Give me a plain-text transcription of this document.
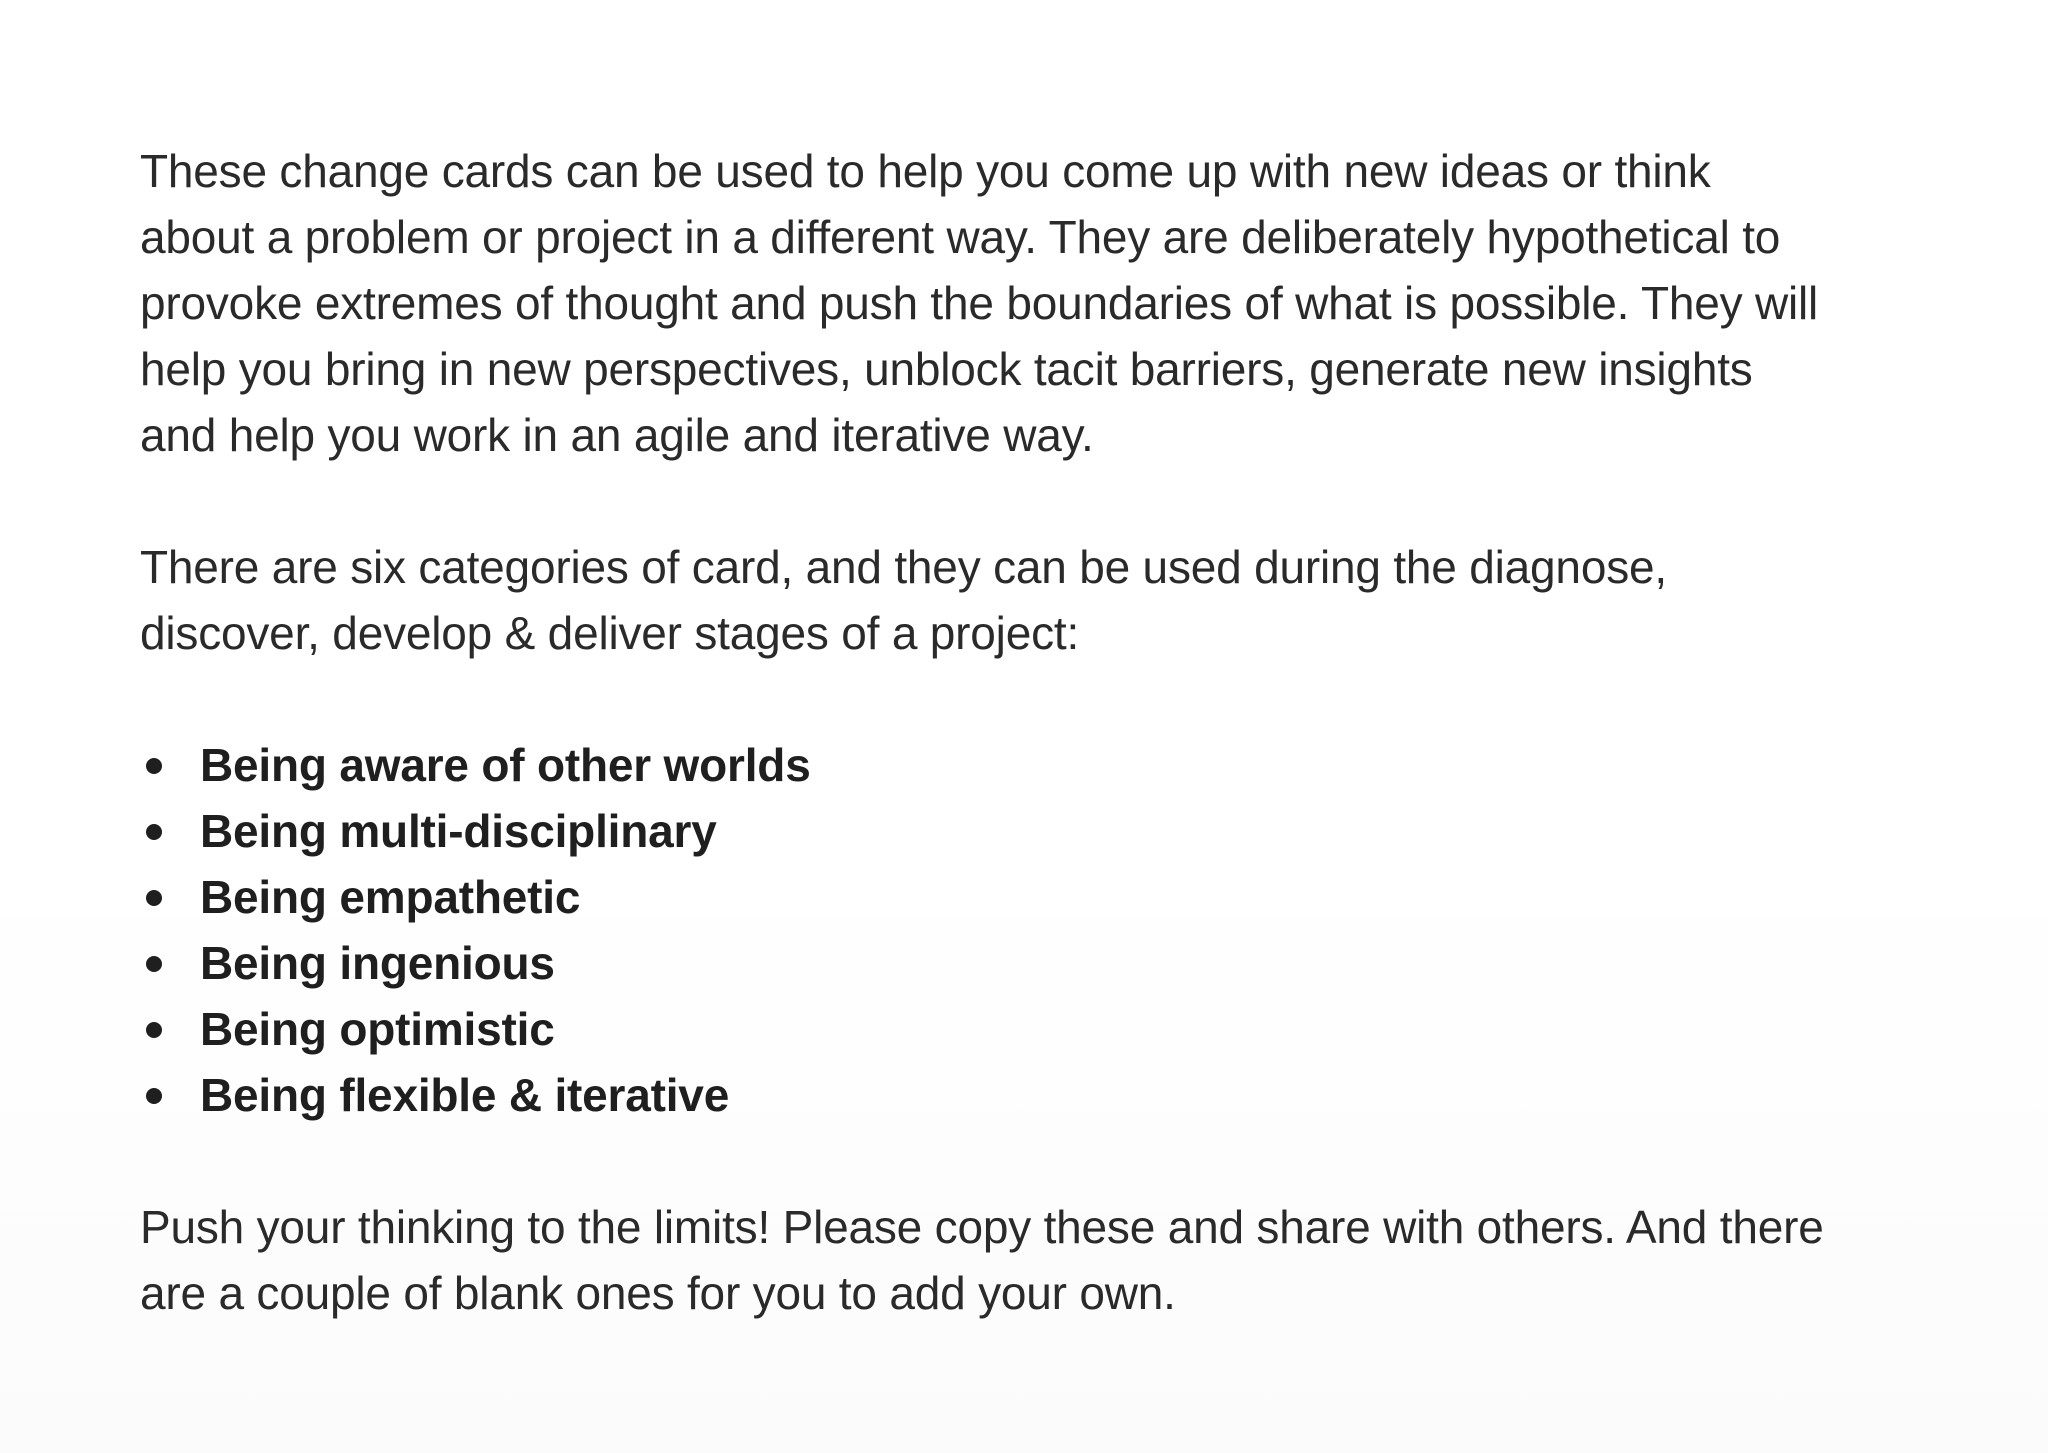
These change cards can be used to help you come up with new ideas or think
about a problem or project in a different way. They are deliberately hypothetical to
provoke extremes of thought and push the boundaries of what is possible. They will
help you bring in new perspectives, unblock tacit barriers, generate new insights
and help you work in an agile and iterative way.

There are six categories of card, and they can be used during the diagnose,
discover, develop & deliver stages of a project:

Being aware of other worlds
Being multi-disciplinary
Being empathetic
Being ingenious
Being optimistic
Being flexible & iterative

Push your thinking to the limits! Please copy these and share with others. And there
are a couple of blank ones for you to add your own.
